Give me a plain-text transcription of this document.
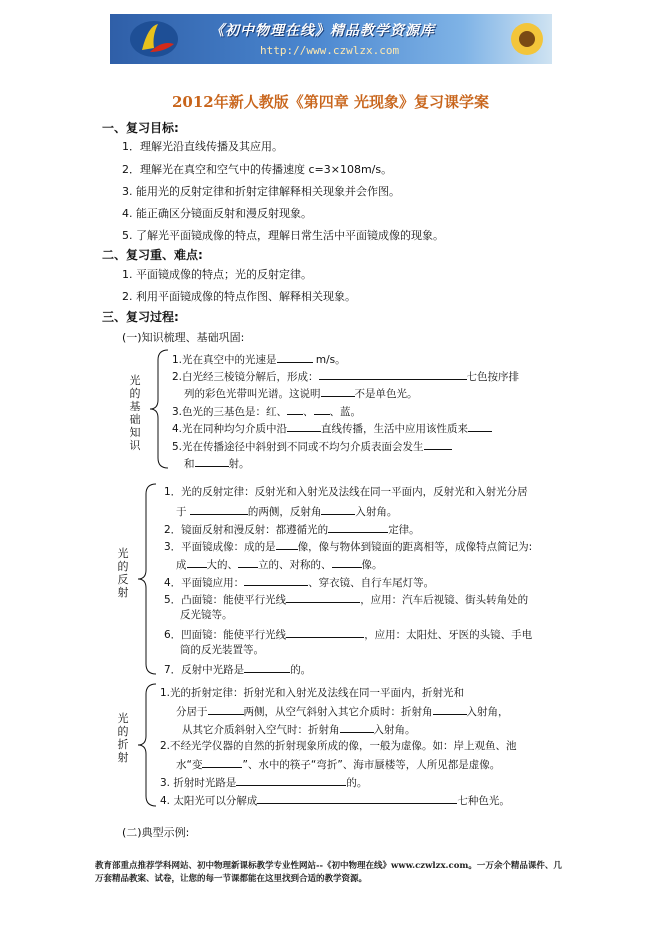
《初中物理在线》精品教学资源库
http://www.czwlzx.com
2012年新人教版《第四章 光现象》复习课学案
一、复习目标:
1．理解光沿直线传播及其应用。
2．理解光在真空和空气中的传播速度 c=3×108m/s。
3. 能用光的反射定律和折射定律解释相关现象并会作图。
4. 能正确区分镜面反射和漫反射现象。
5. 了解光平面镜成像的特点，理解日常生活中平面镜成像的现象。
二、复习重、难点:
1. 平面镜成像的特点；光的反射定律。
2. 利用平面镜成像的特点作图、解释相关现象。
三、复习过程:
(一)知识梳理、基础巩固:
光
的
基
础
知
识
1.光在真空中的光速是	m/s。
2.白光经三棱镜分解后，形成：	七色按序排
列的彩色光带叫光谱。这说明	不是单色光。
3.色光的三基色是：红、 、 、蓝。
4.光在同种均匀介质中沿	直线传播，生活中应用该性质来
5.光在传播途径中斜射到不同或不均匀介质表面会发生
和	射。
光
的
反
射
1．光的反射定律：反射光和入射光及法线在同一平面内，反射光和入射光分居
于	的两侧，反射角	入射角。
2．镜面反射和漫反射：都遵循光的	定律。
3．平面镜成像：成的是 像，像与物体到镜面的距离相等，成像特点简记为:
成 大的、 立的、对称的、	像。
4．平面镜应用：	、穿衣镜、自行车尾灯等。
5．凸面镜：能使平行光线	，应用：汽车后视镜、街头转角处的
反光镜等。
6．凹面镜：能使平行光线	，应用：太阳灶、牙医的头镜、手电
筒的反光装置等。
7．反射中光路是	的。
光
的
折
射
1.光的折射定律：折射光和入射光及法线在同一平面内，折射光和
分居于	两侧，从空气斜射入其它介质时：折射角	入射角，
从其它介质斜射入空气时：折射角	入射角。
2.不经光学仪器的自然的折射现象所成的像，一般为虚像。如：岸上观鱼、池
水“变	”、水中的筷子“弯折”、海市蜃楼等，人所见都是虚像。
3. 折射时光路是	的。
4. 太阳光可以分解成	七种色光。
(二)典型示例:
教育部重点推荐学科网站、初中物理新课标教学专业性网站--《初中物理在线》www.czwlzx.com。一万余个精品课件、几万套精品教案、试卷，让您的每一节课都能在这里找到合适的教学资源。
